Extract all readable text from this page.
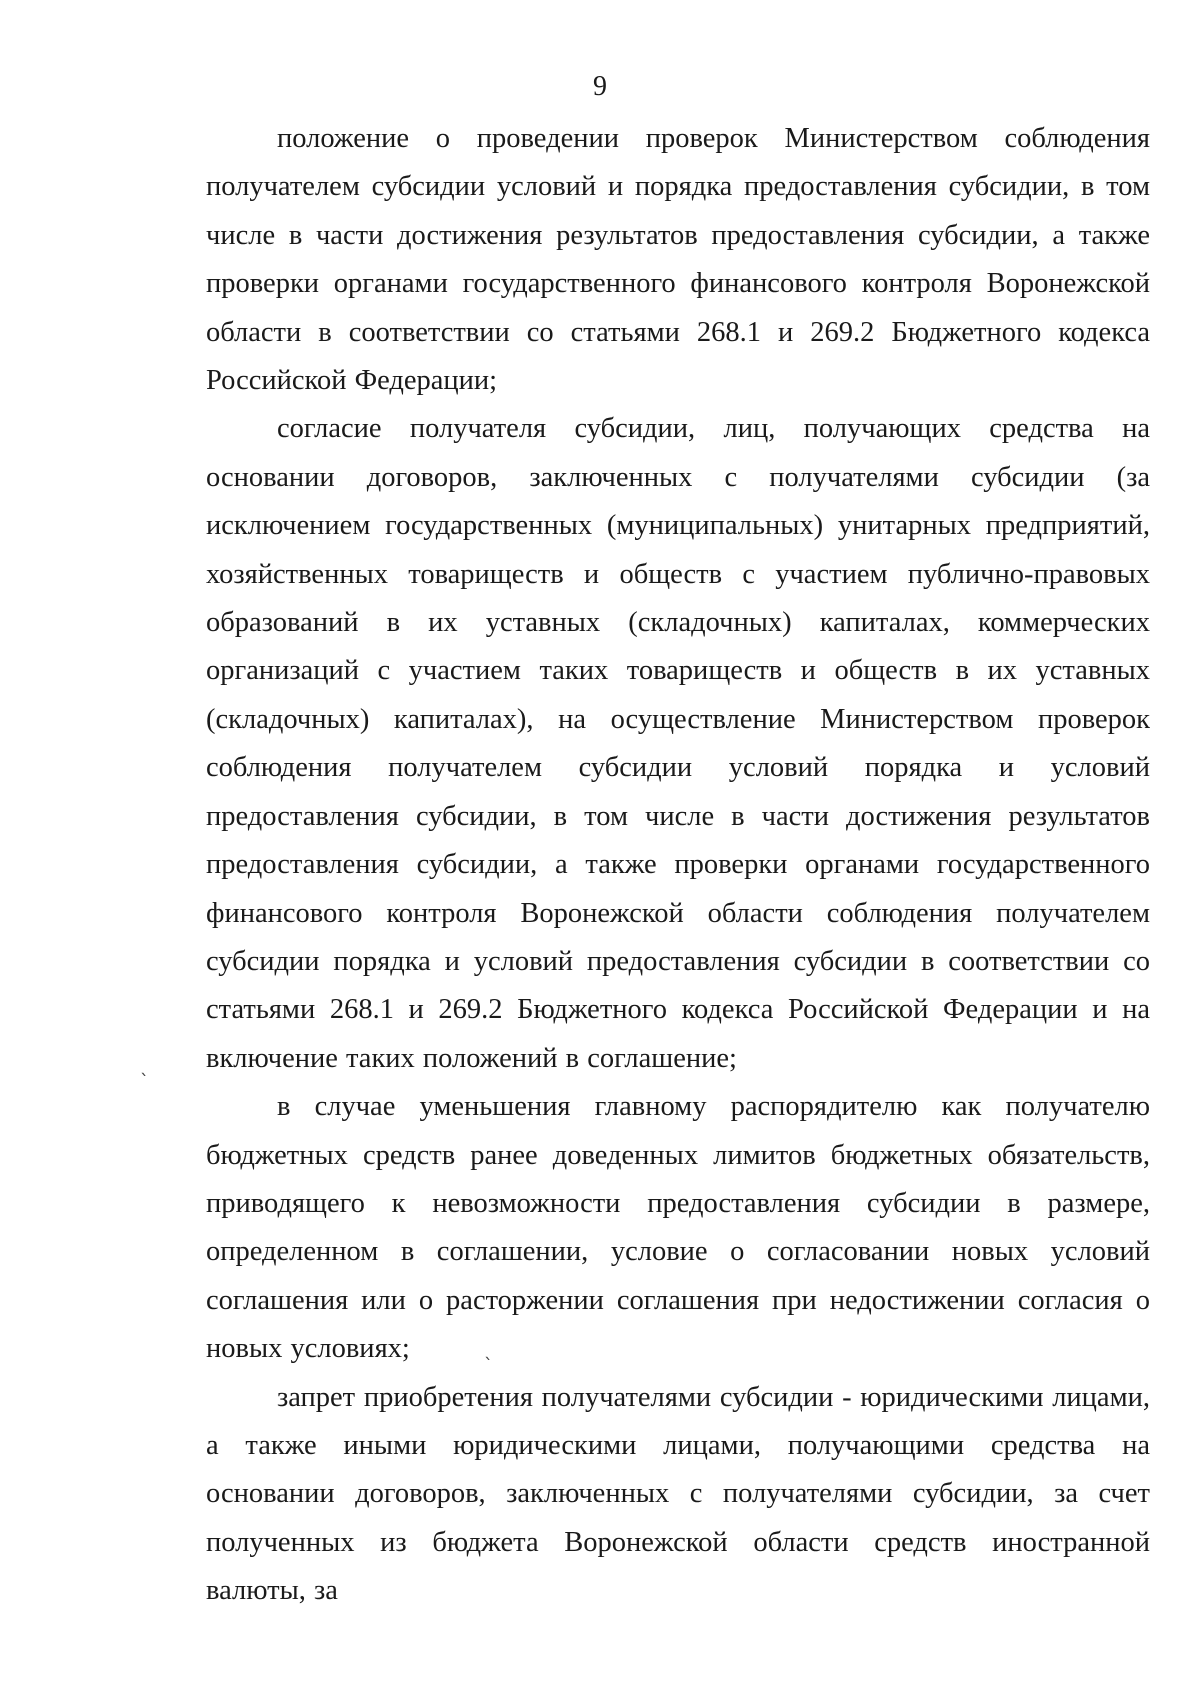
9

положение о проведении проверок Министерством соблюдения получателем субсидии условий и порядка предоставления субсидии, в том числе в части достижения результатов предоставления субсидии, а также проверки органами государственного финансового контроля Воронежской области в соответствии со статьями 268.1 и 269.2 Бюджетного кодекса Российской Федерации;

согласие получателя субсидии, лиц, получающих средства на основании договоров, заключенных с получателями субсидии (за исключением государственных (муниципальных) унитарных предприятий, хозяйственных товариществ и обществ с участием публично-правовых образований в их уставных (складочных) капиталах, коммерческих организаций с участием таких товариществ и обществ в их уставных (складочных) капиталах), на осуществление Министерством проверок соблюдения получателем субсидии условий порядка и условий предоставления субсидии, в том числе в части достижения результатов предоставления субсидии, а также проверки органами государственного финансового контроля Воронежской области соблюдения получателем субсидии порядка и условий предоставления субсидии в соответствии со статьями 268.1 и 269.2 Бюджетного кодекса Российской Федерации и на включение таких положений в соглашение;

в случае уменьшения главному распорядителю как получателю бюджетных средств ранее доведенных лимитов бюджетных обязательств, приводящего к невозможности предоставления субсидии в размере, определенном в соглашении, условие о согласовании новых условий соглашения или о расторжении соглашения при недостижении согласия о новых условиях;

запрет приобретения получателями субсидии - юридическими лицами, а также иными юридическими лицами, получающими средства на основании договоров, заключенных с получателями субсидии, за счет полученных из бюджета Воронежской области средств иностранной валюты, за

ˎ
ˎ
